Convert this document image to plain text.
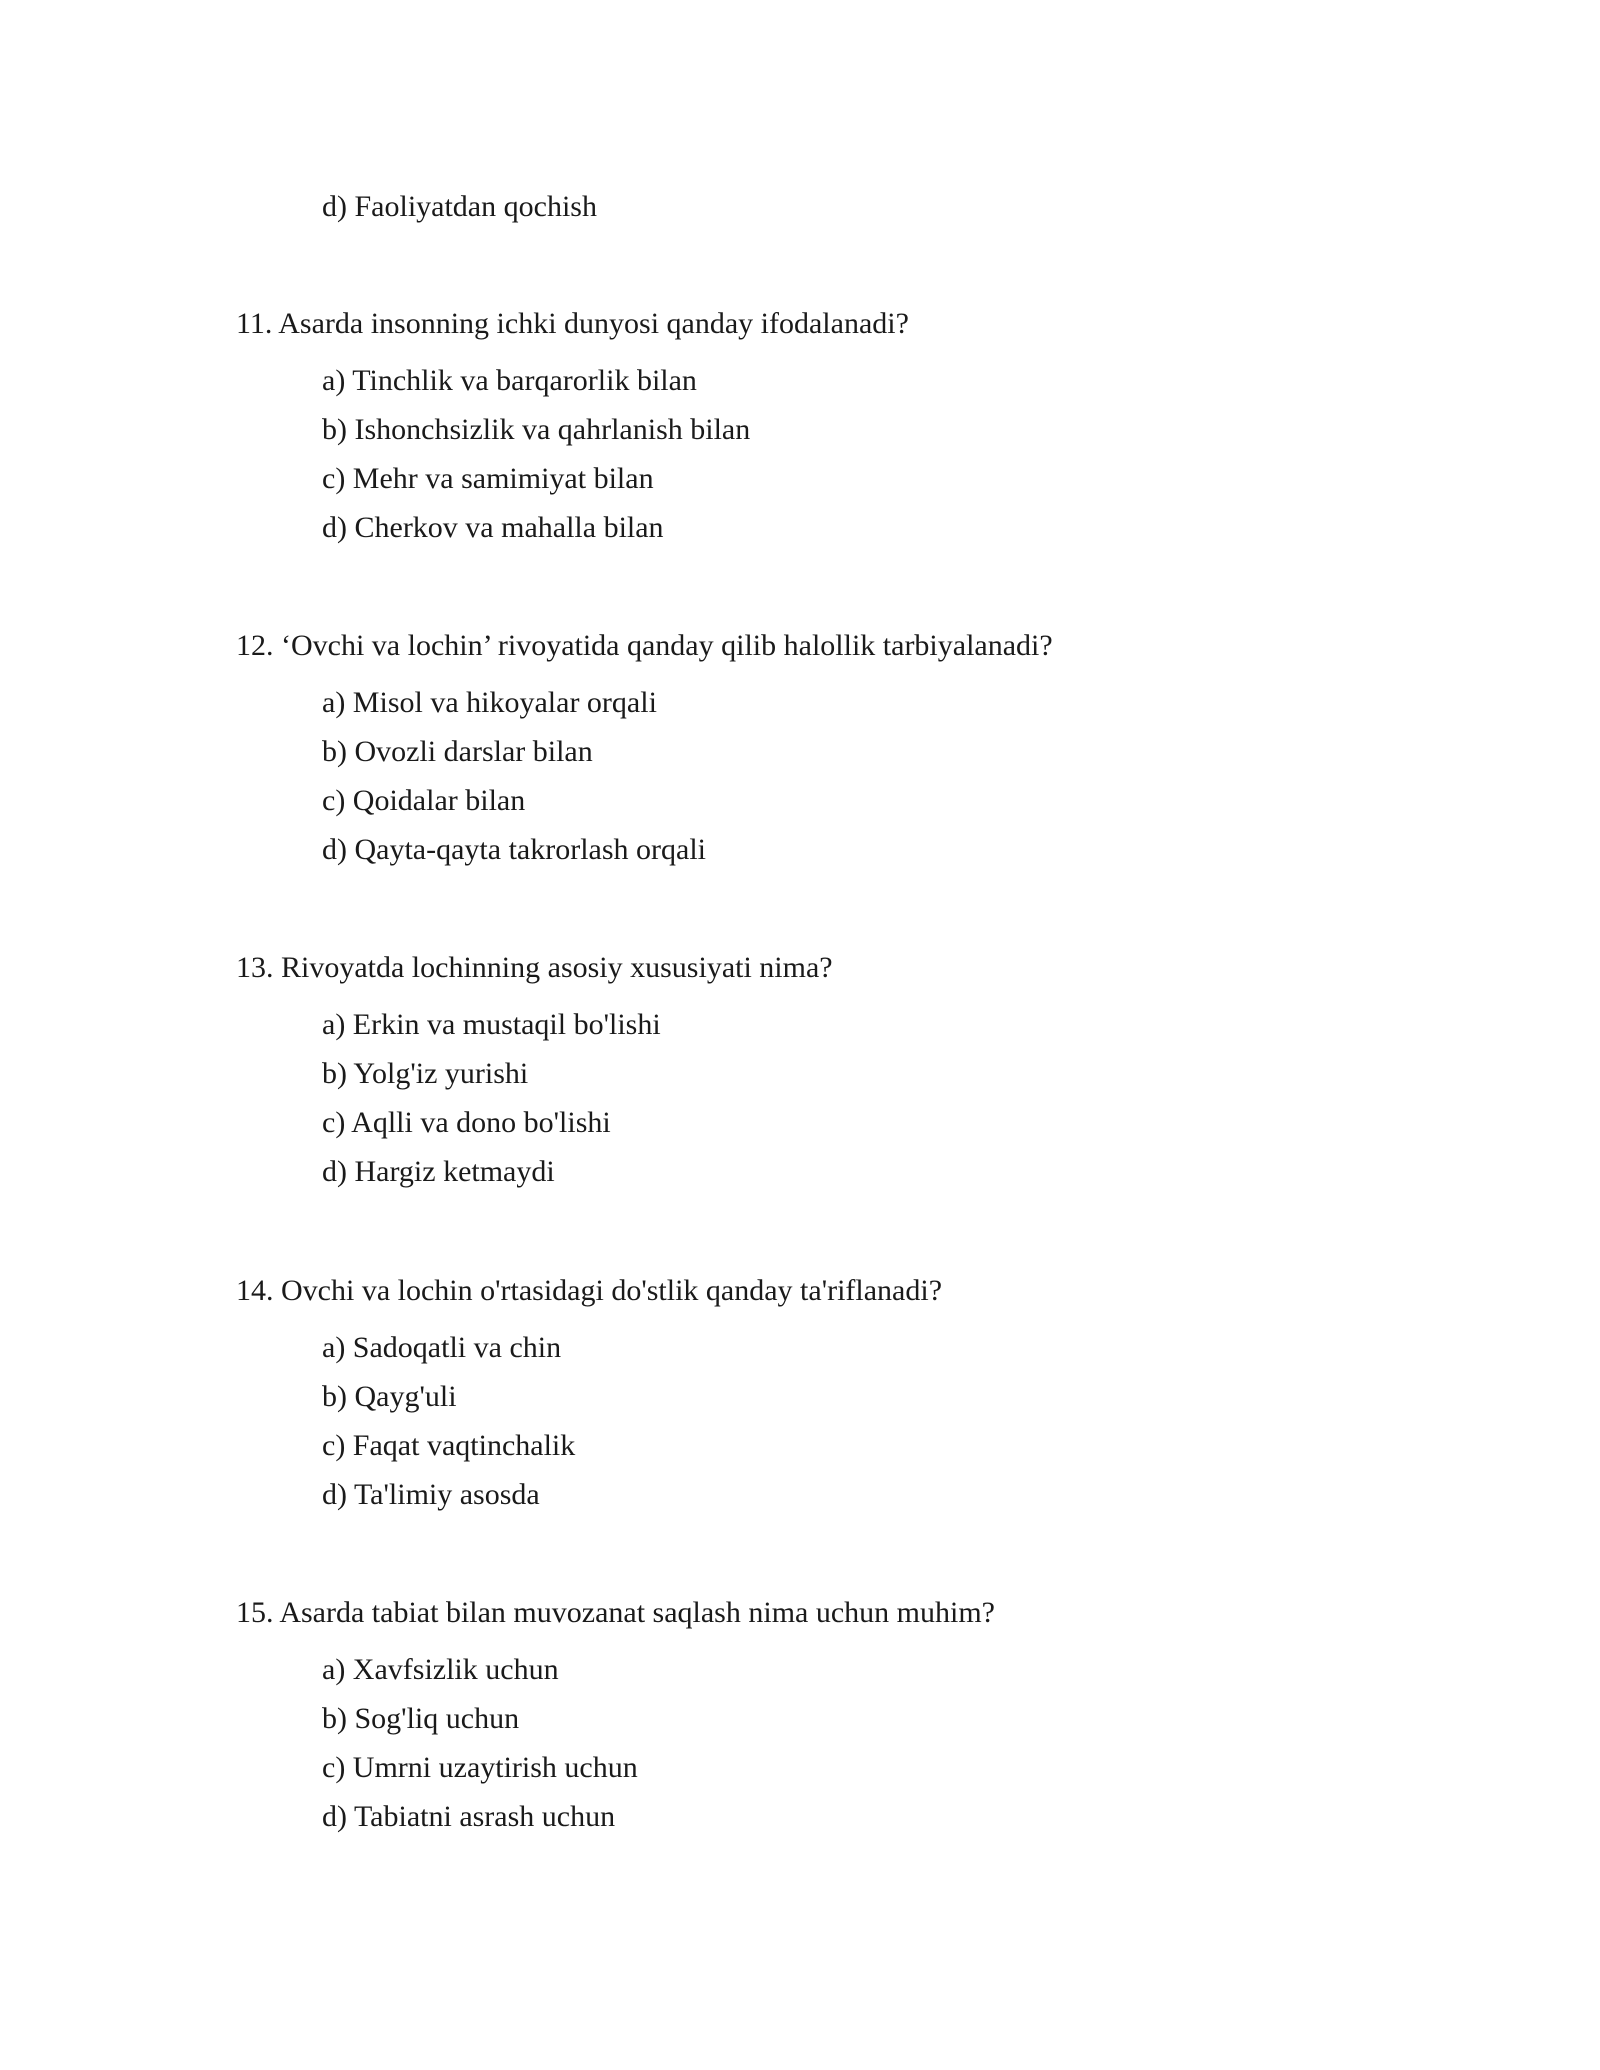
d) Faoliyatdan qochish
11. Asarda insonning ichki dunyosi qanday ifodalanadi?
a) Tinchlik va barqarorlik bilan
b) Ishonchsizlik va qahrlanish bilan
c) Mehr va samimiyat bilan
d) Cherkov va mahalla bilan
12. ‘Ovchi va lochin’ rivoyatida qanday qilib halollik tarbiyalanadi?
a) Misol va hikoyalar orqali
b) Ovozli darslar bilan
c) Qoidalar bilan
d) Qayta-qayta takrorlash orqali
13. Rivoyatda lochinning asosiy xususiyati nima?
a) Erkin va mustaqil bo'lishi
b) Yolg'iz yurishi
c) Aqlli va dono bo'lishi
d) Hargiz ketmaydi
14. Ovchi va lochin o'rtasidagi do'stlik qanday ta'riflanadi?
a) Sadoqatli va chin
b) Qayg'uli
c) Faqat vaqtinchalik
d) Ta'limiy asosda
15. Asarda tabiat bilan muvozanat saqlash nima uchun muhim?
a) Xavfsizlik uchun
b) Sog'liq uchun
c) Umrni uzaytirish uchun
d) Tabiatni asrash uchun
